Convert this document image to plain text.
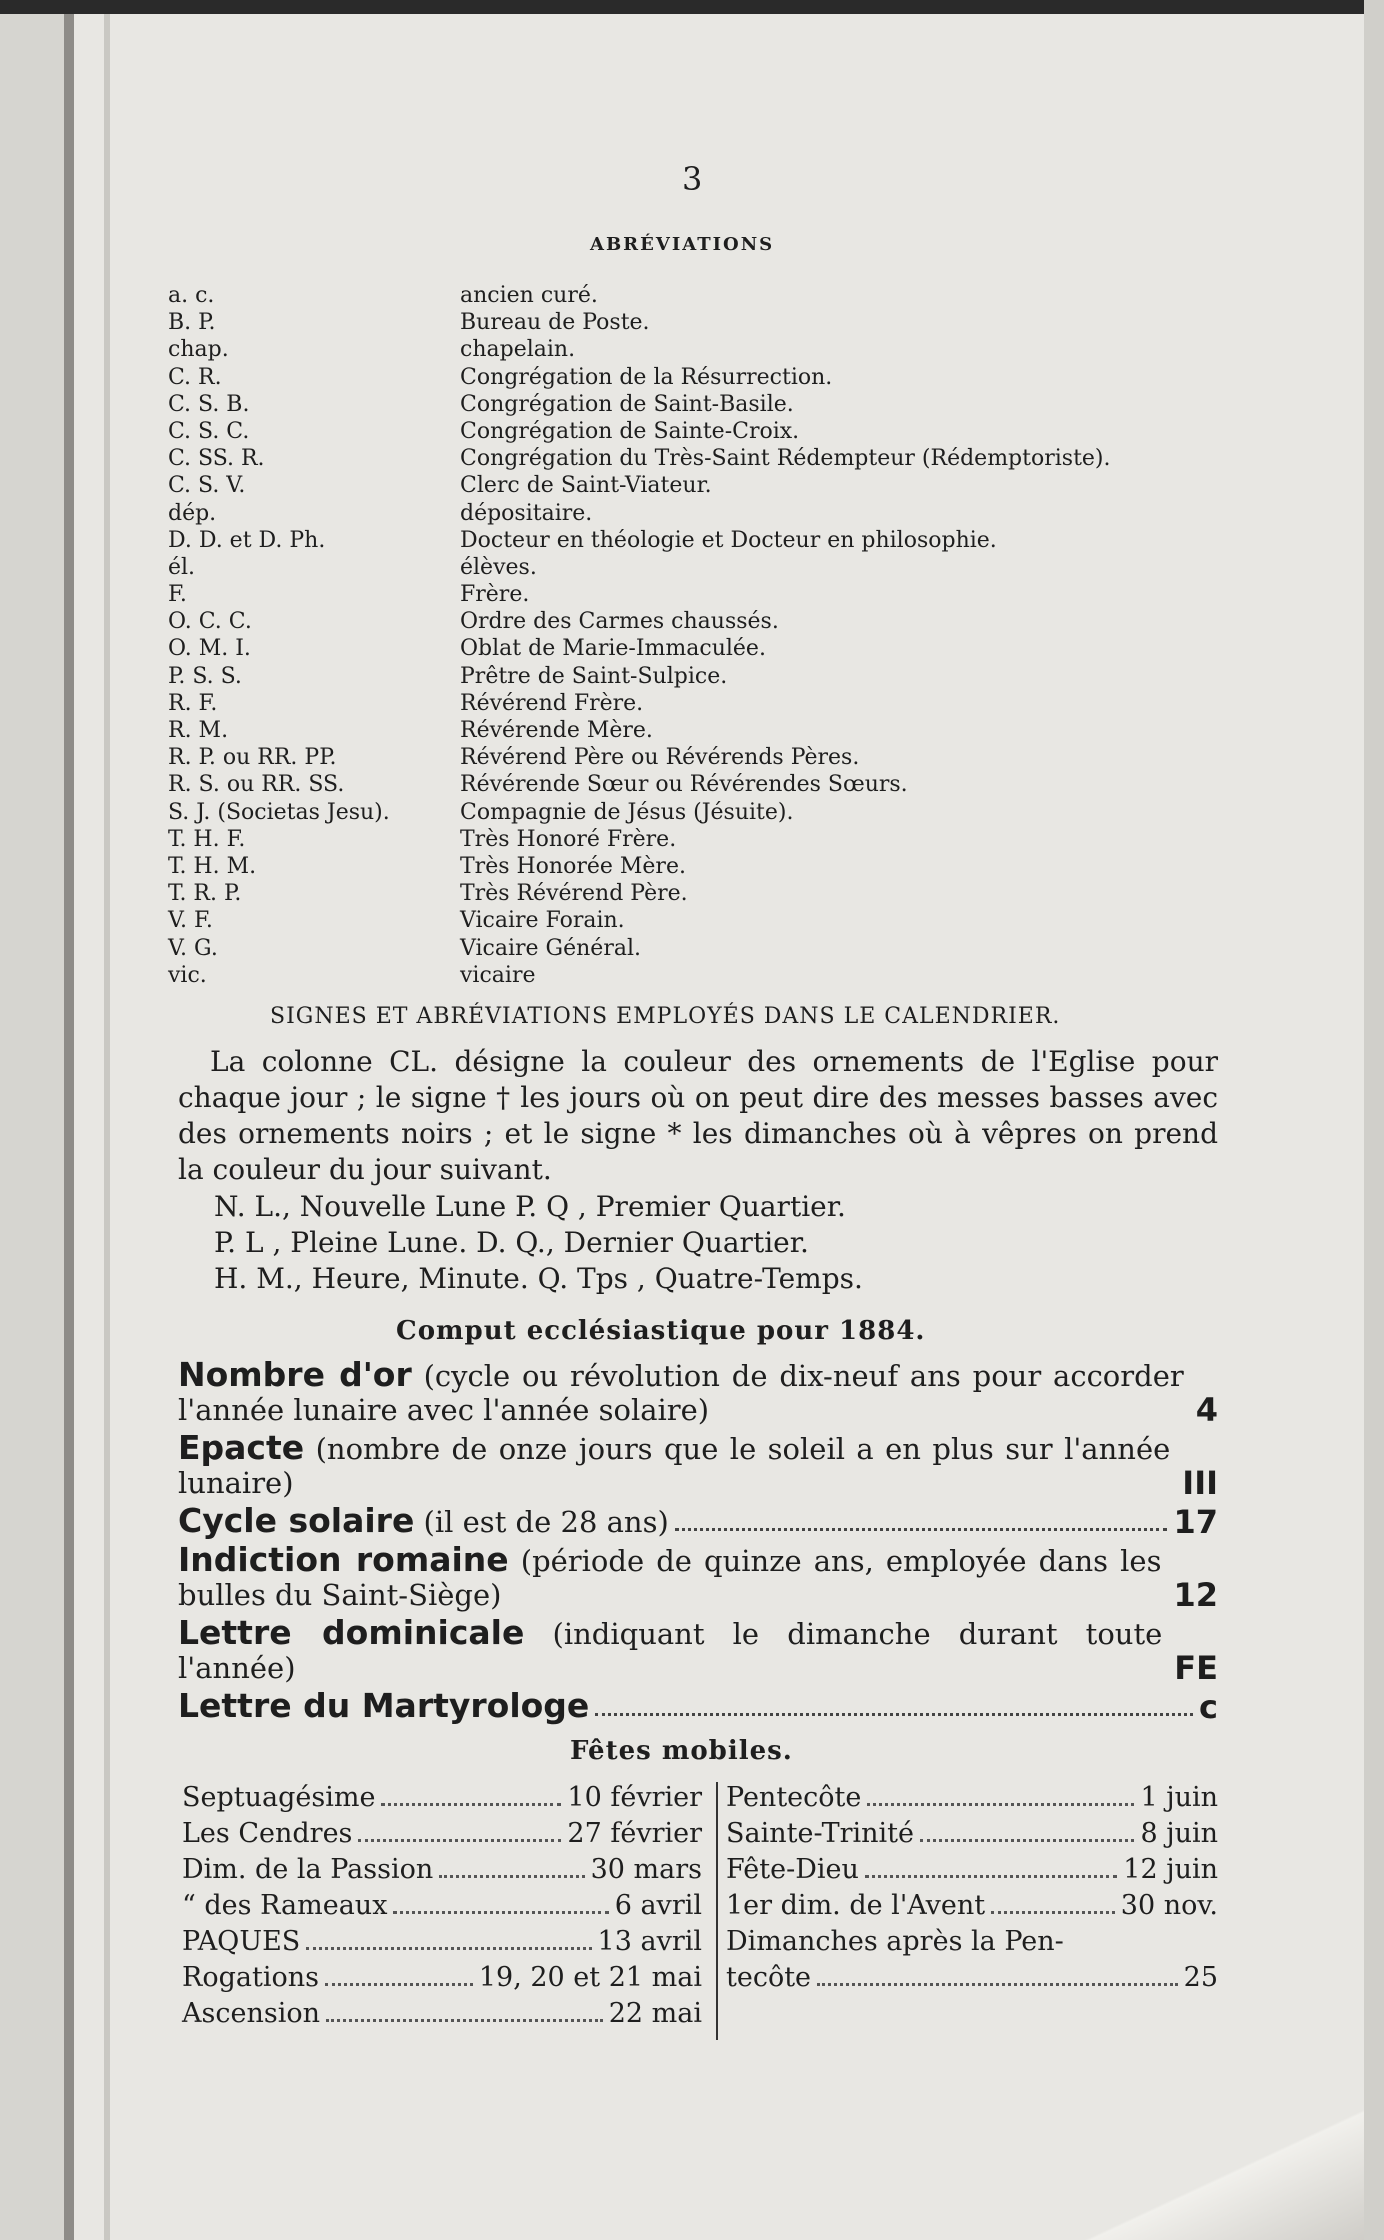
3
ABRÉVIATIONS
a. c.	ancien curé.
B. P.	Bureau de Poste.
chap.	chapelain.
C. R.	Congrégation de la Résurrection.
C. S. B.	Congrégation de Saint-Basile.
C. S. C.	Congrégation de Sainte-Croix.
C. SS. R.	Congrégation du Très-Saint Rédempteur (Rédemptoriste).
C. S. V.	Clerc de Saint-Viateur.
dép.	dépositaire.
D. D. et D. Ph.	Docteur en théologie et Docteur en philosophie.
él.	élèves.
F.	Frère.
O. C. C.	Ordre des Carmes chaussés.
O. M. I.	Oblat de Marie-Immaculée.
P. S. S.	Prêtre de Saint-Sulpice.
R. F.	Révérend Frère.
R. M.	Révérende Mère.
R. P. ou RR. PP.	Révérend Père ou Révérends Pères.
R. S. ou RR. SS.	Révérende Sœur ou Révérendes Sœurs.
S. J. (Societas Jesu).	Compagnie de Jésus (Jésuite).
T. H. F.	Très Honoré Frère.
T. H. M.	Très Honorée Mère.
T. R. P.	Très Révérend Père.
V. F.	Vicaire Forain.
V. G.	Vicaire Général.
vic.	vicaire
SIGNES ET ABRÉVIATIONS EMPLOYÉS DANS LE CALENDRIER.
La colonne CL. désigne la couleur des ornements de l'Eglise pour chaque jour ; le signe † les jours où on peut dire des messes basses avec des ornements noirs ; et le signe * les dimanches où à vêpres on prend la couleur du jour suivant.
N. L., Nouvelle Lune P. Q , Premier Quartier.
P. L , Pleine Lune. D. Q., Dernier Quartier.
H. M., Heure, Minute. Q. Tps , Quatre-Temps.
Comput ecclésiastique pour 1884.
Nombre d'or (cycle ou révolution de dix-neuf ans pour accorder l'année lunaire avec l'année solaire)	4
Epacte (nombre de onze jours que le soleil a en plus sur l'année lunaire)	III
Cycle solaire (il est de 28 ans)	17
Indiction romaine (période de quinze ans, employée dans les bulles du Saint-Siège)	12
Lettre dominicale (indiquant le dimanche durant toute l'année)	FE
Lettre du Martyrologe	c
Fêtes mobiles.
Septuagésime	10 février
Les Cendres	27 février
Dim. de la Passion	30 mars
“ des Rameaux	6 avril
PAQUES	13 avril
Rogations	19, 20 et 21 mai
Ascension	22 mai
Pentecôte	1 juin
Sainte-Trinité	8 juin
Fête-Dieu	12 juin
1er dim. de l'Avent	30 nov.
Dimanches après la Pen-
tecôte	25
